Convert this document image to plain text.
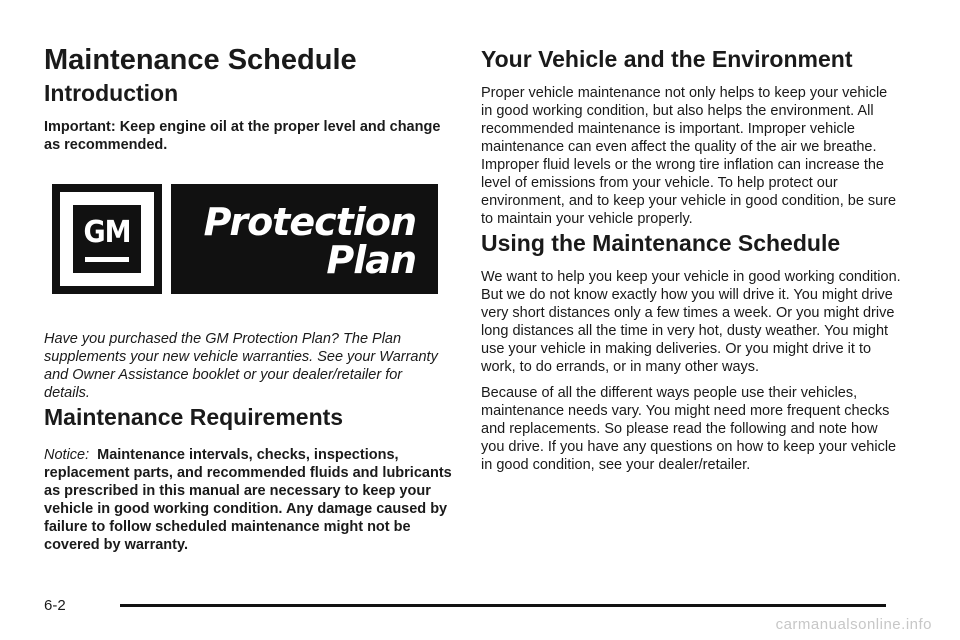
Maintenance Schedule
Introduction

Important: Keep engine oil at the proper level and change as recommended.

GM Protection
Plan

Have you purchased the GM Protection Plan? The Plan supplements your new vehicle warranties. See your Warranty and Owner Assistance booklet or your dealer/retailer for details.

Maintenance Requirements

Notice: Maintenance intervals, checks, inspections, replacement parts, and recommended fluids and lubricants as prescribed in this manual are necessary to keep your vehicle in good working condition. Any damage caused by failure to follow scheduled maintenance might not be covered by warranty.

Your Vehicle and the Environment

Proper vehicle maintenance not only helps to keep your vehicle in good working condition, but also helps the environment. All recommended maintenance is important. Improper vehicle maintenance can even affect the quality of the air we breathe. Improper fluid levels or the wrong tire inflation can increase the level of emissions from your vehicle. To help protect our environment, and to keep your vehicle in good condition, be sure to maintain your vehicle properly.

Using the Maintenance Schedule

We want to help you keep your vehicle in good working condition. But we do not know exactly how you will drive it. You might drive very short distances only a few times a week. Or you might drive long distances all the time in very hot, dusty weather. You might use your vehicle in making deliveries. Or you might drive it to work, to do errands, or in many other ways.

Because of all the different ways people use their vehicles, maintenance needs vary. You might need more frequent checks and replacements. So please read the following and note how you drive. If you have any questions on how to keep your vehicle in good condition, see your dealer/retailer.

6-2
carmanualsonline.info
